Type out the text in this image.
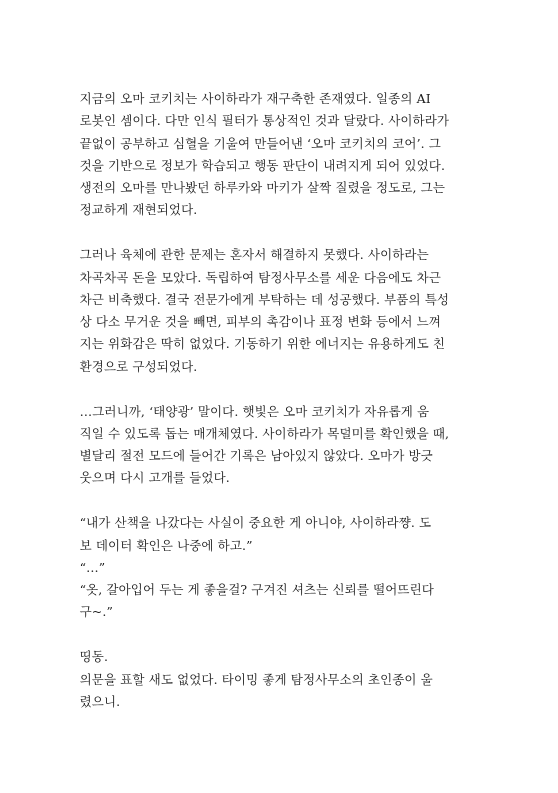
지금의 오마 코키치는 사이하라가 재구축한 존재였다. 일종의 AI
로봇인 셈이다. 다만 인식 필터가 통상적인 것과 달랐다. 사이하라가
끝없이 공부하고 심혈을 기울여 만들어낸 ‘오마 코키치의 코어’. 그
것을 기반으로 정보가 학습되고 행동 판단이 내려지게 되어 있었다.
생전의 오마를 만나봤던 하루카와 마키가 살짝 질렸을 정도로, 그는
정교하게 재현되었다.
그러나 육체에 관한 문제는 혼자서 해결하지 못했다. 사이하라는
차곡차곡 돈을 모았다. 독립하여 탐정사무소를 세운 다음에도 차근
차근 비축했다. 결국 전문가에게 부탁하는 데 성공했다. 부품의 특성
상 다소 무거운 것을 빼면, 피부의 촉감이나 표정 변화 등에서 느껴
지는 위화감은 딱히 없었다. 기동하기 위한 에너지는 유용하게도 친
환경으로 구성되었다.
…그러니까, ‘태양광’ 말이다. 햇빛은 오마 코키치가 자유롭게 움
직일 수 있도록 돕는 매개체였다. 사이하라가 목덜미를 확인했을 때,
별달리 절전 모드에 들어간 기록은 남아있지 않았다. 오마가 방긋
웃으며 다시 고개를 들었다.
“내가 산책을 나갔다는 사실이 중요한 게 아니야, 사이하라쨩. 도
보 데이터 확인은 나중에 하고.”
“…”
“옷, 갈아입어 두는 게 좋을걸? 구겨진 셔츠는 신뢰를 떨어뜨린다
구~.”
띵동.
의문을 표할 새도 없었다. 타이밍 좋게 탐정사무소의 초인종이 울
렸으니.
